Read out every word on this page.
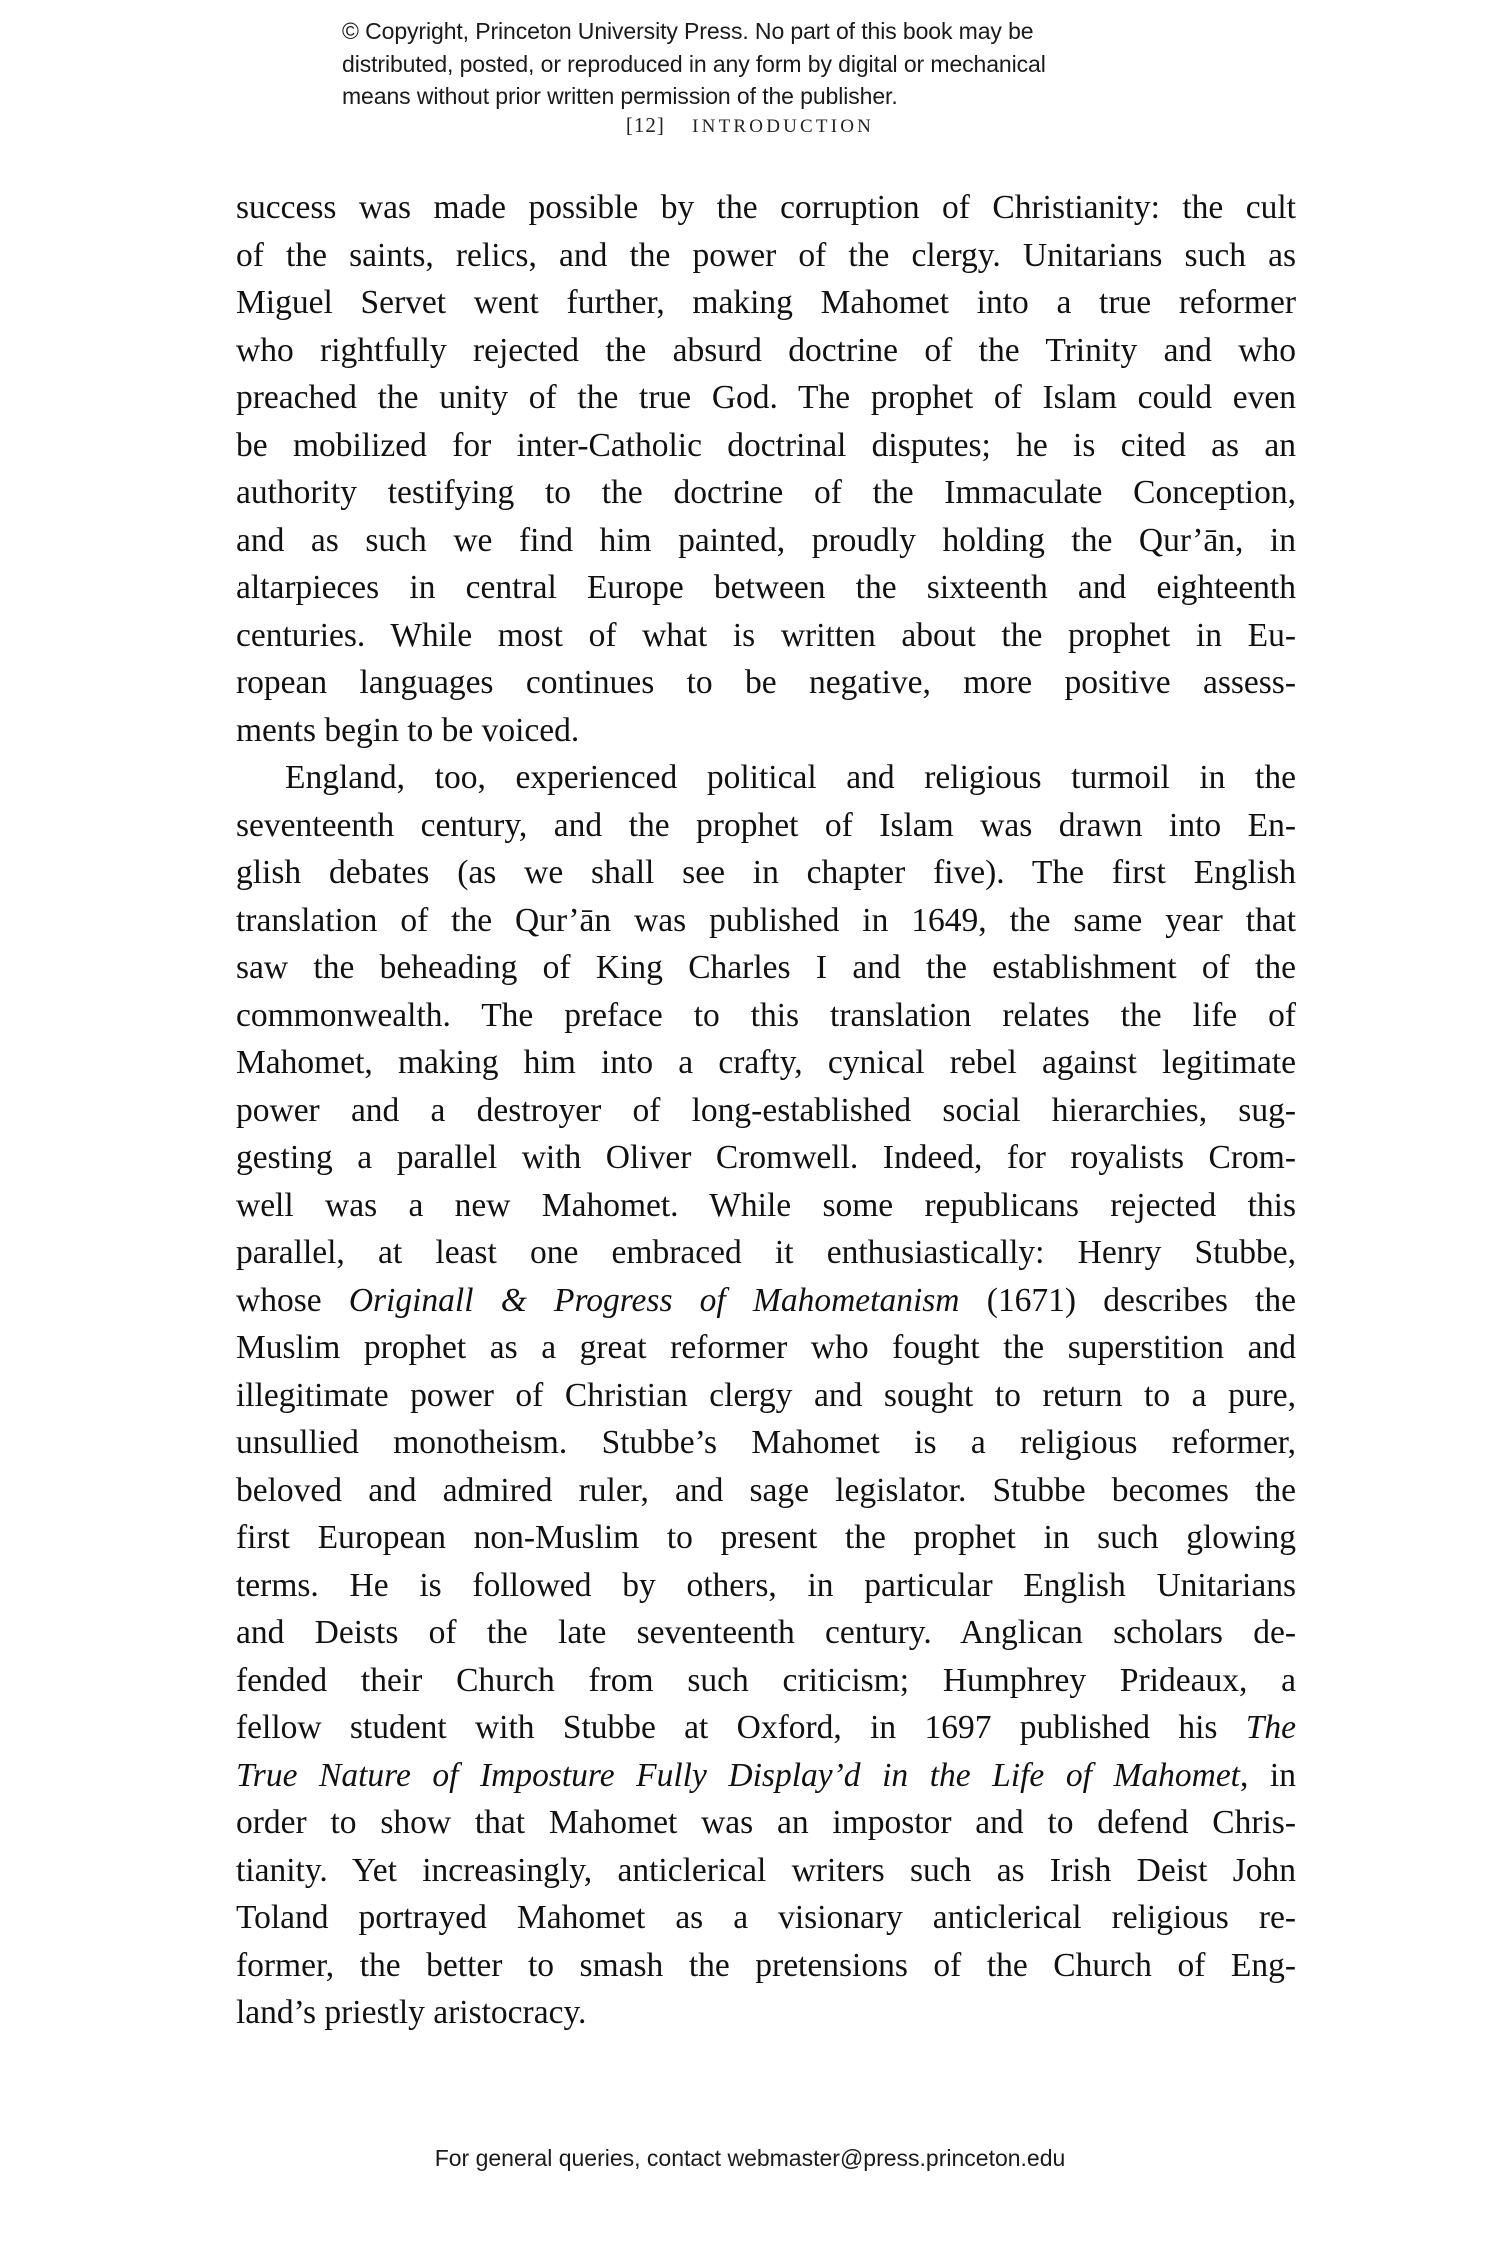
© Copyright, Princeton University Press. No part of this book may be
distributed, posted, or reproduced in any form by digital or mechanical
means without prior written permission of the publisher.
[12] INTRODUCTION
success was made possible by the corruption of Christianity: the cult
of the saints, relics, and the power of the clergy. Unitarians such as
Miguel Servet went further, making Mahomet into a true reformer
who rightfully rejected the absurd doctrine of the Trinity and who
preached the unity of the true God. The prophet of Islam could even
be mobilized for inter-Catholic doctrinal disputes; he is cited as an
authority testifying to the doctrine of the Immaculate Conception,
and as such we find him painted, proudly holding the Qur’ān, in
altarpieces in central Europe between the sixteenth and eighteenth
centuries. While most of what is written about the prophet in Eu-
ropean languages continues to be negative, more positive assess-
ments begin to be voiced.
England, too, experienced political and religious turmoil in the
seventeenth century, and the prophet of Islam was drawn into En-
glish debates (as we shall see in chapter five). The first English
translation of the Qur’ān was published in 1649, the same year that
saw the beheading of King Charles I and the establishment of the
commonwealth. The preface to this translation relates the life of
Mahomet, making him into a crafty, cynical rebel against legitimate
power and a destroyer of long-established social hierarchies, sug-
gesting a parallel with Oliver Cromwell. Indeed, for royalists Crom-
well was a new Mahomet. While some republicans rejected this
parallel, at least one embraced it enthusiastically: Henry Stubbe,
whose Originall & Progress of Mahometanism (1671) describes the
Muslim prophet as a great reformer who fought the superstition and
illegitimate power of Christian clergy and sought to return to a pure,
unsullied monotheism. Stubbe’s Mahomet is a religious reformer,
beloved and admired ruler, and sage legislator. Stubbe becomes the
first European non-Muslim to present the prophet in such glowing
terms. He is followed by others, in particular English Unitarians
and Deists of the late seventeenth century. Anglican scholars de-
fended their Church from such criticism; Humphrey Prideaux, a
fellow student with Stubbe at Oxford, in 1697 published his The
True Nature of Imposture Fully Display’d in the Life of Mahomet, in
order to show that Mahomet was an impostor and to defend Chris-
tianity. Yet increasingly, anticlerical writers such as Irish Deist John
Toland portrayed Mahomet as a visionary anticlerical religious re-
former, the better to smash the pretensions of the Church of Eng-
land’s priestly aristocracy.
For general queries, contact webmaster@press.princeton.edu
